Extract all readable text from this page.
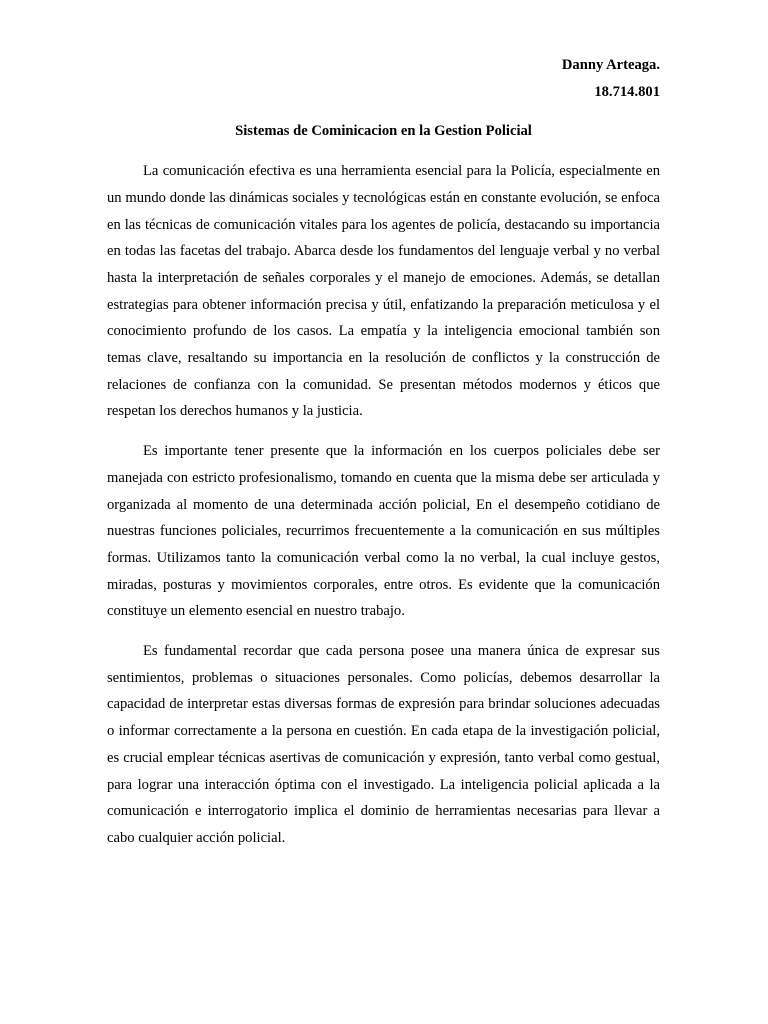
Danny Arteaga.
18.714.801
Sistemas de Cominicacion en la Gestion Policial

La comunicación efectiva es una herramienta esencial para la Policía, especialmente en un mundo donde las dinámicas sociales y tecnológicas están en constante evolución, se enfoca en las técnicas de comunicación vitales para los agentes de policía, destacando su importancia en todas las facetas del trabajo. Abarca desde los fundamentos del lenguaje verbal y no verbal hasta la interpretación de señales corporales y el manejo de emociones. Además, se detallan estrategias para obtener información precisa y útil, enfatizando la preparación meticulosa y el conocimiento profundo de los casos. La empatía y la inteligencia emocional también son temas clave, resaltando su importancia en la resolución de conflictos y la construcción de relaciones de confianza con la comunidad. Se presentan métodos modernos y éticos que respetan los derechos humanos y la justicia.

Es importante tener presente que la información en los cuerpos policiales debe ser manejada con estricto profesionalismo, tomando en cuenta que la misma debe ser articulada y organizada al momento de una determinada acción policial, En el desempeño cotidiano de nuestras funciones policiales, recurrimos frecuentemente a la comunicación en sus múltiples formas. Utilizamos tanto la comunicación verbal como la no verbal, la cual incluye gestos, miradas, posturas y movimientos corporales, entre otros. Es evidente que la comunicación constituye un elemento esencial en nuestro trabajo.

Es fundamental recordar que cada persona posee una manera única de expresar sus sentimientos, problemas o situaciones personales. Como policías, debemos desarrollar la capacidad de interpretar estas diversas formas de expresión para brindar soluciones adecuadas o informar correctamente a la persona en cuestión. En cada etapa de la investigación policial, es crucial emplear técnicas asertivas de comunicación y expresión, tanto verbal como gestual, para lograr una interacción óptima con el investigado. La inteligencia policial aplicada a la comunicación e interrogatorio implica el dominio de herramientas necesarias para llevar a cabo cualquier acción policial.
